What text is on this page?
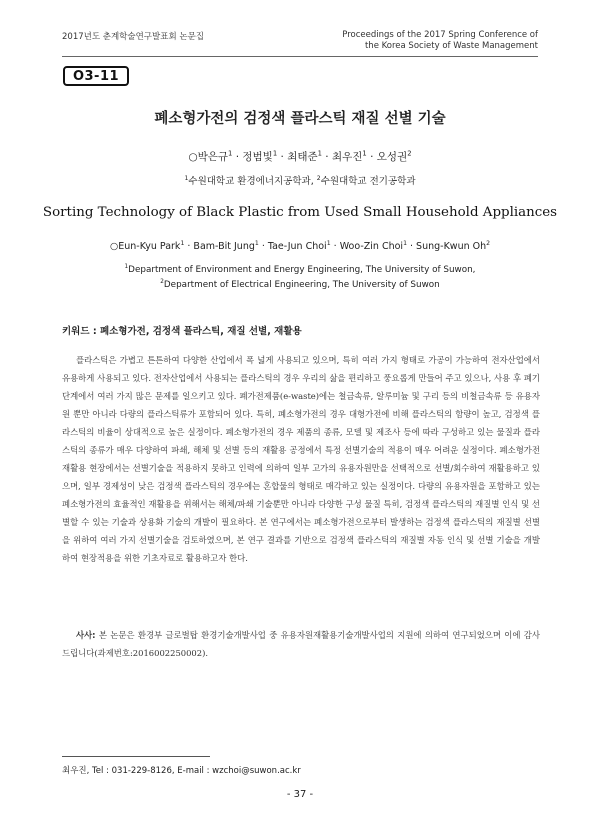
2017년도 춘계학술연구발표회 논문집	Proceedings of the 2017 Spring Conference of
the Korea Society of Waste Management
O3-11
폐소형가전의 검정색 플라스틱 재질 선별 기술
○박은규$^1$ · 정범빛$^1$ · 최태준$^1$ · 최우진$^1$ · 오성권$^2$
$^1$수원대학교 환경에너지공학과, $^2$수원대학교 전기공학과
Sorting Technology of Black Plastic from Used Small Household Appliances
○Eun-Kyu Park$^1$ · Bam-Bit Jung$^1$ · Tae-Jun Choi$^1$ · Woo-Zin Choi$^1$ · Sung-Kwun Oh$^2$
$^1$Department of Environment and Energy Engineering, The University of Suwon,
$^2$Department of Electrical Engineering, The University of Suwon
키워드 : 폐소형가전, 검정색 플라스틱, 재질 선별, 재활용

플라스틱은 가볍고 튼튼하여 다양한 산업에서 폭 넓게 사용되고 있으며, 특히 여러 가지 형태로 가공이 가능하여 전자산업에서 유용하게 사용되고 있다. 전자산업에서 사용되는 플라스틱의 경우 우리의 삶을 편리하고 풍요롭게 만들어 주고 있으나, 사용 후 폐기단계에서 여러 가지 많은 문제를 일으키고 있다. 폐가전제품(e-waste)에는 철금속류, 알루미늄 및 구리 등의 비철금속류 등 유용자원 뿐만 아니라 다량의 플라스틱류가 포함되어 있다. 특히, 폐소형가전의 경우 대형가전에 비해 플라스틱의 함량이 높고, 검정색 플라스틱의 비율이 상대적으로 높은 실정이다. 폐소형가전의 경우 제품의 종류, 모델 및 제조사 등에 따라 구성하고 있는 물질과 플라스틱의 종류가 매우 다양하여 파쇄, 해체 및 선별 등의 재활용 공정에서 특정 선별기술의 적용이 매우 어려운 실정이다. 폐소형가전 재활용 현장에서는 선별기술을 적용하지 못하고 인력에 의하여 일부 고가의 유용자원만을 선택적으로 선별/회수하여 재활용하고 있으며, 일부 경제성이 낮은 검정색 플라스틱의 경우에는 혼합물의 형태로 매각하고 있는 실정이다. 다량의 유용자원을 포함하고 있는 폐소형가전의 효율적인 재활용을 위해서는 해체/파쇄 기술뿐만 아니라 다양한 구성 물질 특히, 검정색 플라스틱의 재질별 인식 및 선별할 수 있는 기술과 상용화 기술의 개발이 필요하다. 본 연구에서는 폐소형가전으로부터 발생하는 검정색 플라스틱의 재질별 선별을 위하여 여러 가지 선별기술을 검토하였으며, 본 연구 결과를 기반으로 검정색 플라스틱의 재질별 자동 인식 및 선별 기술을 개발하여 현장적용을 위한 기초자료로 활용하고자 한다.

사사: 본 논문은 환경부 글로벌탑 환경기술개발사업 중 유용자원재활용기술개발사업의 지원에 의하여 연구되었으며 이에 감사드립니다(과제번호:2016002250002).

최우진, Tel : 031-229-8126, E-mail : wzchoi@suwon.ac.kr
- 37 -
